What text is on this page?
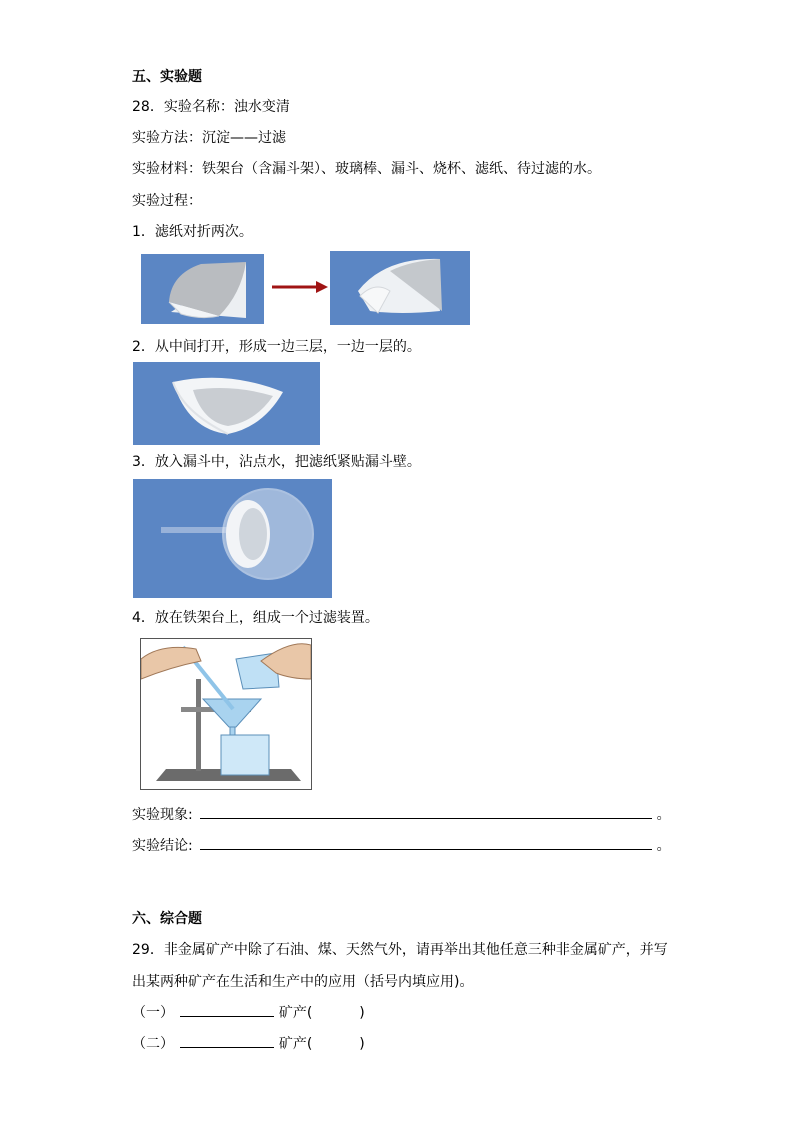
五、实验题
28．实验名称：浊水变清
实验方法：沉淀——过滤
实验材料：铁架台（含漏斗架）、玻璃棒、漏斗、烧杯、滤纸、待过滤的水。
实验过程：
1．滤纸对折两次。
2．从中间打开，形成一边三层，一边一层的。
3．放入漏斗中，沾点水，把滤纸紧贴漏斗壁。
4．放在铁架台上，组成一个过滤装置。
实验现象:	。
实验结论:	。
六、综合题
29．非金属矿产中除了石油、煤、天然气外，请再举出其他任意三种非金属矿产，并写
出某两种矿产在生活和生产中的应用（括号内填应用)。
（一）	矿产(	)
（二）	矿产(	)
